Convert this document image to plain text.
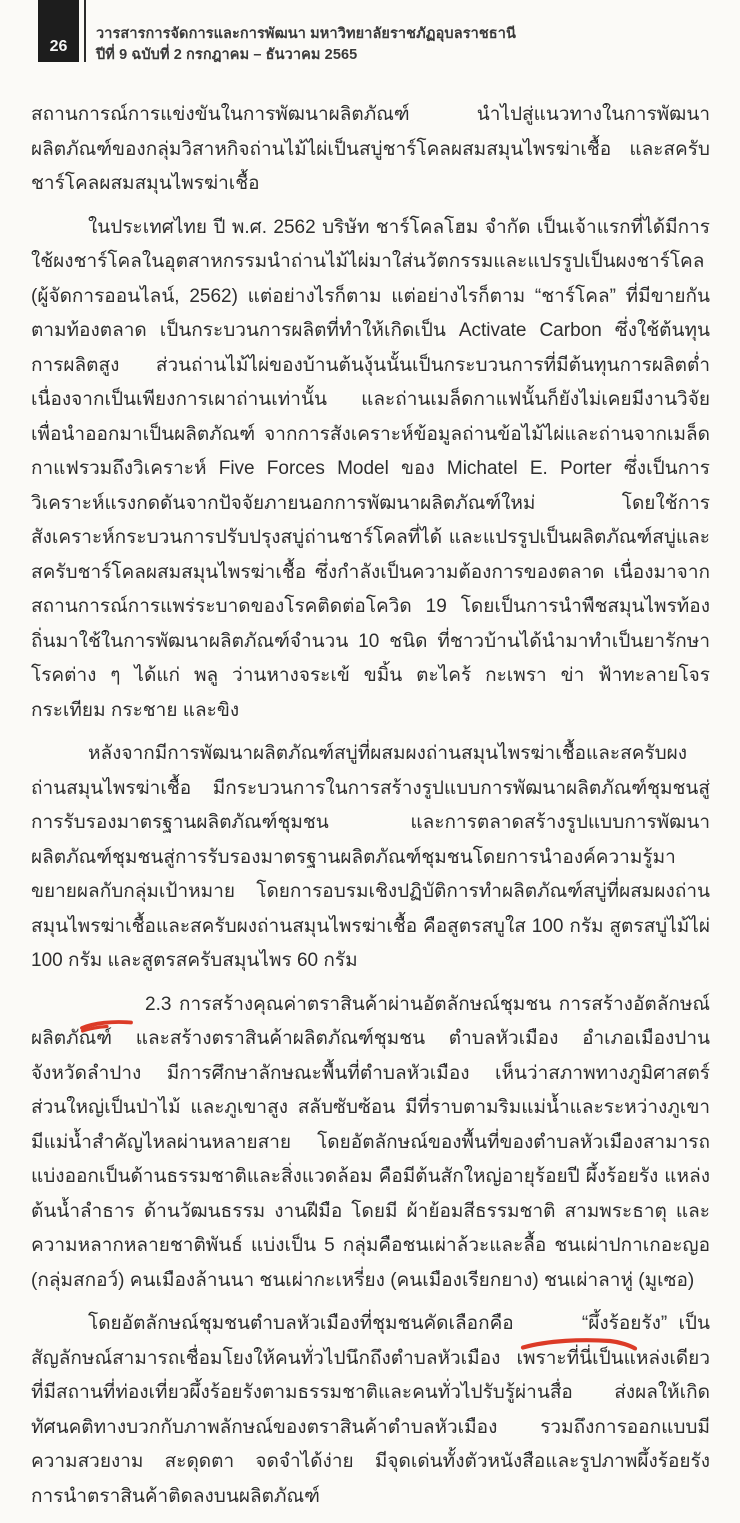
26
วารสารการจัดการและการพัฒนา มหาวิทยาลัยราชภัฏอุบลราชธานี
ปีที่ 9 ฉบับที่ 2 กรกฎาคม – ธันวาคม 2565

สถานการณ์การแข่งขันในการพัฒนาผลิตภัณฑ์ นำไปสู่แนวทางในการพัฒนาผลิตภัณฑ์ของกลุ่มวิสาหกิจถ่านไม้ไผ่เป็นสบู่ชาร์โคลผสมสมุนไพรฆ่าเชื้อ และสครับชาร์โคลผสมสมุนไพรฆ่าเชื้อ

ในประเทศไทย ปี พ.ศ. 2562 บริษัท ชาร์โคลโฮม จำกัด เป็นเจ้าแรกที่ได้มีการใช้ผงชาร์โคลในอุตสาหกรรมนำถ่านไม้ไผ่มาใส่นวัตกรรมและแปรรูปเป็นผงชาร์โคล (ผู้จัดการออนไลน์, 2562) แต่อย่างไรก็ตาม แต่อย่างไรก็ตาม “ชาร์โคล” ที่มีขายกันตามท้องตลาด เป็นกระบวนการผลิตที่ทำให้เกิดเป็น Activate Carbon ซึ่งใช้ต้นทุนการผลิตสูง ส่วนถ่านไม้ไผ่ของบ้านต้นงุ้นนั้นเป็นกระบวนการที่มีต้นทุนการผลิตต่ำ เนื่องจากเป็นเพียงการเผาถ่านเท่านั้น และถ่านเมล็ดกาแฟนั้นก็ยังไม่เคยมีงานวิจัยเพื่อนำออกมาเป็นผลิตภัณฑ์ จากการสังเคราะห์ข้อมูลถ่านข้อไม้ไผ่และถ่านจากเมล็ดกาแฟรวมถึงวิเคราะห์ Five Forces Model ของ Michatel E. Porter ซึ่งเป็นการวิเคราะห์แรงกดดันจากปัจจัยภายนอกการพัฒนาผลิตภัณฑ์ใหม่ โดยใช้การสังเคราะห์กระบวนการปรับปรุงสบู่ถ่านชาร์โคลที่ได้ และแปรรูปเป็นผลิตภัณฑ์สบู่และสครับชาร์โคลผสมสมุนไพรฆ่าเชื้อ ซึ่งกำลังเป็นความต้องการของตลาด เนื่องมาจากสถานการณ์การแพร่ระบาดของโรคติดต่อโควิด 19 โดยเป็นการนำพืชสมุนไพรท้องถิ่นมาใช้ในการพัฒนาผลิตภัณฑ์จำนวน 10 ชนิด ที่ชาวบ้านได้นำมาทำเป็นยารักษาโรคต่าง ๆ ได้แก่ พลู ว่านหางจระเข้ ขมิ้น ตะไคร้ กะเพรา ข่า ฟ้าทะลายโจร กระเทียม กระชาย และขิง

หลังจากมีการพัฒนาผลิตภัณฑ์สบู่ที่ผสมผงถ่านสมุนไพรฆ่าเชื้อและสครับผงถ่านสมุนไพรฆ่าเชื้อ มีกระบวนการในการสร้างรูปแบบการพัฒนาผลิตภัณฑ์ชุมชนสู่การรับรองมาตรฐานผลิตภัณฑ์ชุมชน และการตลาดสร้างรูปแบบการพัฒนาผลิตภัณฑ์ชุมชนสู่การรับรองมาตรฐานผลิตภัณฑ์ชุมชนโดยการนำองค์ความรู้มาขยายผลกับกลุ่มเป้าหมาย โดยการอบรมเชิงปฏิบัติการทำผลิตภัณฑ์สบู่ที่ผสมผงถ่านสมุนไพรฆ่าเชื้อและสครับผงถ่านสมุนไพรฆ่าเชื้อ คือสูตรสบูใส 100 กรัม สูตรสบู่ไม้ไผ่ 100 กรัม และสูตรสครับสมุนไพร 60 กรัม

2.3
การสร้างคุณค่าตราสินค้าผ่านอัตลักษณ์ชุมชน การสร้างอัตลักษณ์ผลิตภัณฑ์ และสร้างตราสินค้าผลิตภัณฑ์ชุมชน ตำบลหัวเมือง อำเภอเมืองปาน จังหวัดลำปาง มีการศึกษาลักษณะพื้นที่ตำบลหัวเมือง เห็นว่าสภาพทางภูมิศาสตร์ ส่วนใหญ่เป็นป่าไม้ และภูเขาสูง สลับซับซ้อน มีที่ราบตามริมแม่น้ำและระหว่างภูเขา มีแม่น้ำสำคัญไหลผ่านหลายสาย โดยอัตลักษณ์ของพื้นที่ของตำบลหัวเมืองสามารถแบ่งออกเป็นด้านธรรมชาติและสิ่งแวดล้อม คือมีต้นสักใหญ่อายุร้อยปี ผึ้งร้อยรัง แหล่งต้นน้ำลำธาร ด้านวัฒนธรรม งานฝีมือ โดยมี ผ้าย้อมสีธรรมชาติ สามพระธาตุ และความหลากหลายชาติพันธ์ แบ่งเป็น 5 กลุ่มคือชนเผ่าล้วะและลื้อ ชนเผ่าปกาเกอะญอ (กลุ่มสกอว์) คนเมืองล้านนา ชนเผ่ากะเหรี่ยง (คนเมืองเรียกยาง) ชนเผ่าลาหู่ (มูเซอ)

โดยอัตลักษณ์ชุมชนตำบลหัวเมืองที่ชุมชนคัดเลือกคือ	“ผึ้งร้อยรัง”
เป็นสัญลักษณ์สามารถเชื่อมโยงให้คนทั่วไปนึกถึงตำบลหัวเมือง เพราะที่นี่เป็นแหล่งเดียวที่มีสถานที่ท่องเที่ยวผึ้งร้อยรังตามธรรมชาติและคนทั่วไปรับรู้ผ่านสื่อ ส่งผลให้เกิดทัศนคติทางบวกกับภาพลักษณ์ของตราสินค้าตำบลหัวเมือง รวมถึงการออกแบบมีความสวยงาม สะดุดตา จดจำได้ง่าย มีจุดเด่นทั้งตัวหนังสือและรูปภาพผึ้งร้อยรัง การนำตราสินค้าติดลงบนผลิตภัณฑ์
